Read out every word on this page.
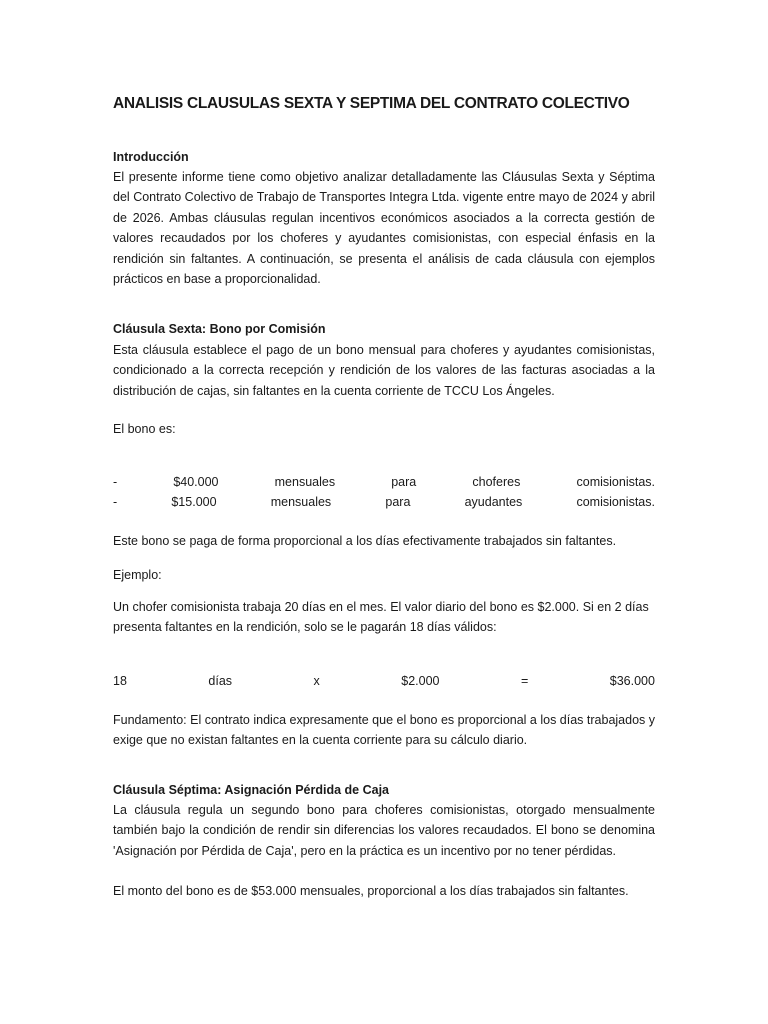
ANALISIS CLAUSULAS SEXTA Y SEPTIMA DEL CONTRATO COLECTIVO
Introducción
El presente informe tiene como objetivo analizar detalladamente las Cláusulas Sexta y Séptima del Contrato Colectivo de Trabajo de Transportes Integra Ltda. vigente entre mayo de 2024 y abril de 2026. Ambas cláusulas regulan incentivos económicos asociados a la correcta gestión de valores recaudados por los choferes y ayudantes comisionistas, con especial énfasis en la rendición sin faltantes. A continuación, se presenta el análisis de cada cláusula con ejemplos prácticos en base a proporcionalidad.
Cláusula Sexta: Bono por Comisión
Esta cláusula establece el pago de un bono mensual para choferes y ayudantes comisionistas, condicionado a la correcta recepción y rendición de los valores de las facturas asociadas a la distribución de cajas, sin faltantes en la cuenta corriente de TCCU Los Ángeles.
El bono es:
-	$40.000	mensuales	para	choferes	comisionistas.
-	$15.000	mensuales	para	ayudantes	comisionistas.
Este bono se paga de forma proporcional a los días efectivamente trabajados sin faltantes.
Ejemplo:
Un chofer comisionista trabaja 20 días en el mes. El valor diario del bono es $2.000. Si en 2 días presenta faltantes en la rendición, solo se le pagarán 18 días válidos:
18	días	x	$2.000	=	$36.000
Fundamento: El contrato indica expresamente que el bono es proporcional a los días trabajados y exige que no existan faltantes en la cuenta corriente para su cálculo diario.
Cláusula Séptima: Asignación Pérdida de Caja
La cláusula regula un segundo bono para choferes comisionistas, otorgado mensualmente también bajo la condición de rendir sin diferencias los valores recaudados. El bono se denomina 'Asignación por Pérdida de Caja', pero en la práctica es un incentivo por no tener pérdidas.
El monto del bono es de $53.000 mensuales, proporcional a los días trabajados sin faltantes.
